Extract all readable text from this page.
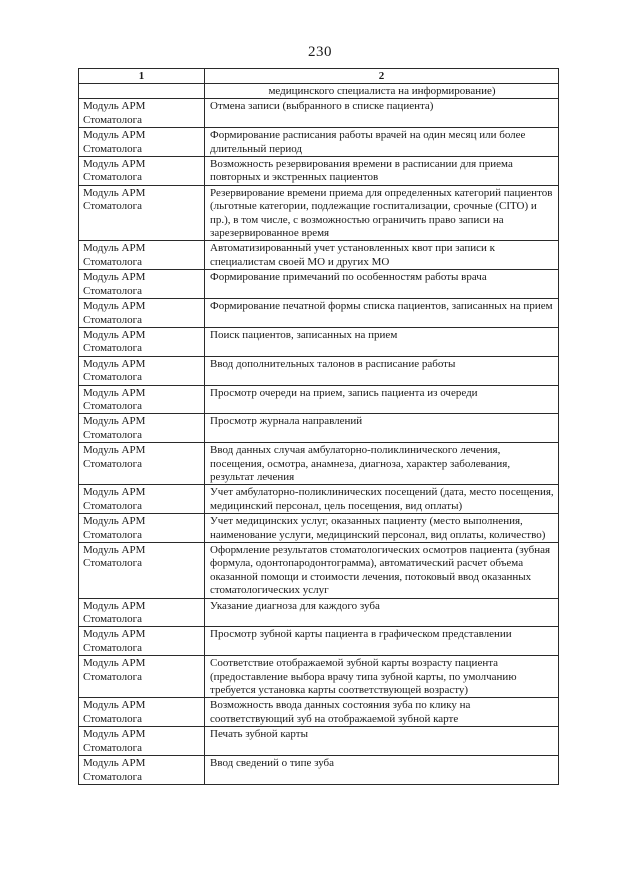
230
1	2
	медицинского специалиста на информирование)
Модуль АРМ Стоматолога	Отмена записи (выбранного в списке пациента)
Модуль АРМ Стоматолога	Формирование расписания работы врачей на один месяц или более длительный период
Модуль АРМ Стоматолога	Возможность резервирования времени в расписании для приема повторных и экстренных пациентов
Модуль АРМ Стоматолога	Резервирование времени приема для определенных категорий пациентов (льготные категории, подлежащие госпитализации, срочные (CITO) и пр.), в том числе, с возможностью ограничить право записи на зарезервированное время
Модуль АРМ Стоматолога	Автоматизированный учет установленных квот при записи к специалистам своей МО и других МО
Модуль АРМ Стоматолога	Формирование примечаний по особенностям работы врача
Модуль АРМ Стоматолога	Формирование печатной формы списка пациентов, записанных на прием
Модуль АРМ Стоматолога	Поиск пациентов, записанных на прием
Модуль АРМ Стоматолога	Ввод дополнительных талонов в расписание работы
Модуль АРМ Стоматолога	Просмотр очереди на прием, запись пациента из очереди
Модуль АРМ Стоматолога	Просмотр журнала направлений
Модуль АРМ Стоматолога	Ввод данных случая амбулаторно-поликлинического лечения, посещения, осмотра, анамнеза, диагноза, характер заболевания, результат лечения
Модуль АРМ Стоматолога	Учет амбулаторно-поликлинических посещений (дата, место посещения, медицинский персонал, цель посещения, вид оплаты)
Модуль АРМ Стоматолога	Учет медицинских услуг, оказанных пациенту (место выполнения, наименование услуги, медицинский персонал, вид оплаты, количество)
Модуль АРМ Стоматолога	Оформление результатов стоматологических осмотров пациента (зубная формула, одонтопародонтограмма), автоматический расчет объема оказанной помощи и стоимости лечения, потоковый ввод оказанных стоматологических услуг
Модуль АРМ Стоматолога	Указание диагноза для каждого зуба
Модуль АРМ Стоматолога	Просмотр зубной карты пациента в графическом представлении
Модуль АРМ Стоматолога	Соответствие отображаемой зубной карты возрасту пациента (предоставление выбора врачу типа зубной карты, по умолчанию требуется установка карты соответствующей возрасту)
Модуль АРМ Стоматолога	Возможность ввода данных состояния зуба по клику на соответствующий зуб на отображаемой зубной карте
Модуль АРМ Стоматолога	Печать зубной карты
Модуль АРМ Стоматолога	Ввод сведений о типе зуба
